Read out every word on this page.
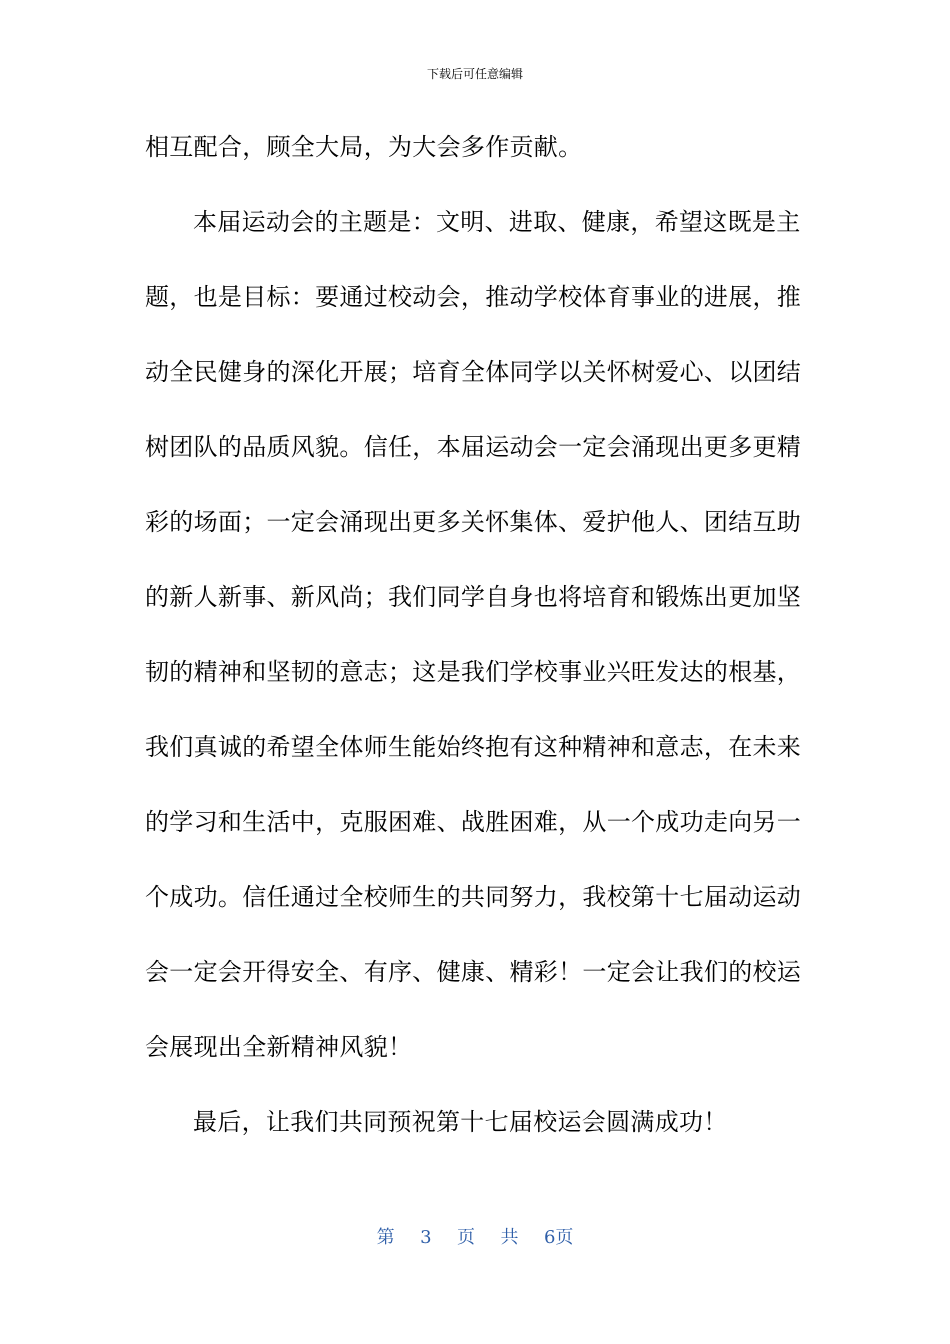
下载后可任意编辑
相互配合，顾全大局，为大会多作贡献。
本届运动会的主题是：文明、进取、健康，希望这既是主
题，也是目标：要通过校动会，推动学校体育事业的进展，推
动全民健身的深化开展；培育全体同学以关怀树爱心、以团结
树团队的品质风貌。信任，本届运动会一定会涌现出更多更精
彩的场面；一定会涌现出更多关怀集体、爱护他人、团结互助
的新人新事、新风尚；我们同学自身也将培育和锻炼出更加坚
韧的精神和坚韧的意志；这是我们学校事业兴旺发达的根基，
我们真诚的希望全体师生能始终抱有这种精神和意志，在未来
的学习和生活中，克服困难、战胜困难，从一个成功走向另一
个成功。信任通过全校师生的共同努力，我校第十七届动运动
会一定会开得安全、有序、健康、精彩！一定会让我们的校运
会展现出全新精神风貌！
最后，让我们共同预祝第十七届校运会圆满成功！
第 3 页 共 6页
